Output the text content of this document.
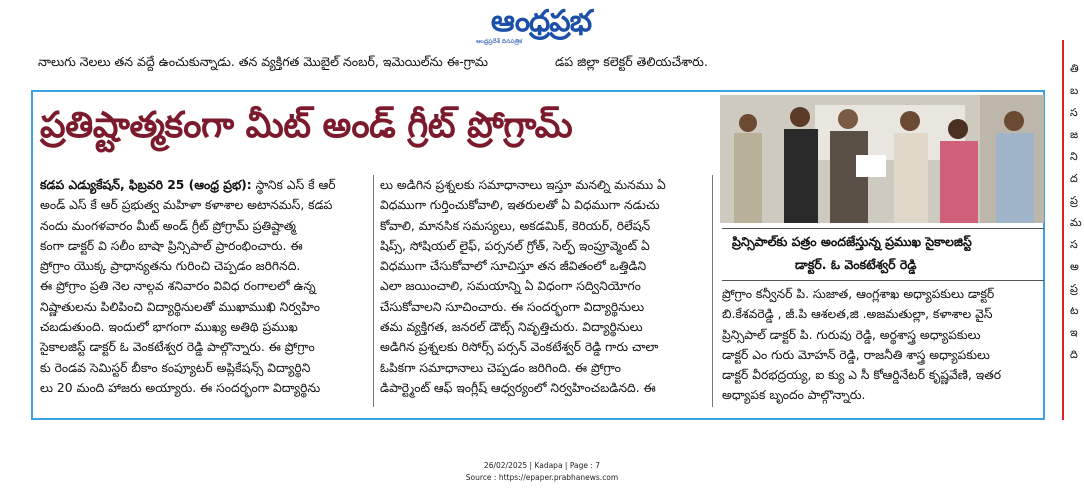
ఆంధ్రప్రభ
ఆంధ్రప్రదేశ్ దినపత్రిక
నాలుగు నెలలు తన వద్దే ఉంచుకున్నాడు. తన వ్యక్తిగత మొబైల్ నంబర్, ఇమెయిల్‌ను ఈ-గ్రామ	డప జిల్లా కలెక్టర్ తెలియచేశారు.
ప్రతిష్టాత్మకంగా మీట్ అండ్ గ్రీట్ ప్రోగ్రామ్

కడప ఎడ్యుకేషన్, ఫిబ్రవరి 25 (ఆంధ్ర ప్రభ): స్థానిక ఎస్ కే ఆర్

అండ్ ఎస్ కే ఆర్ ప్రభుత్వ మహిళా కళాశాల అటానమస్, కడప

నందు మంగళవారం మీట్ అండ్ గ్రీట్ ప్రోగ్రామ్ ప్రతిష్టాత్మ

కంగా డాక్టర్ వి సలీం బాషా ప్రిన్సిపాల్ ప్రారంభించారు. ఈ

ప్రోగ్రాం యొక్క ప్రాధాన్యతను గురించి చెప్పడం జరిగినది.

ఈ ప్రోగ్రాం ప్రతి నెల నాల్గవ శనివారం వివిధ రంగాలలో ఉన్న

నిష్ణాతులను పిలిపించి విద్యార్థినులతో ముఖాముఖి నిర్వహిం

చబడుతుంది. ఇందులో భాగంగా ముఖ్య అతిథి ప్రముఖ

సైకాలజిస్ట్ డాక్టర్ ఓ వెంకటేశ్వర రెడ్డి పాల్గొన్నారు. ఈ ప్రోగ్రాం

కు రెండవ సెమిస్టర్ బీకాం కంప్యూటర్ అప్లికేషన్స్ విద్యార్థిని

లు 20 మంది హాజరు అయ్యారు. ఈ సందర్భంగా విద్యార్థిను

లు అడిగిన ప్రశ్నలకు సమాధానాలు ఇస్తూ మనల్ని మనము ఏ

విధముగా గుర్తించుకోవాలి, ఇతరులతో ఏ విధముగా నడుచు

కోవాలి, మానసిక సమస్యలు, అకడమిక్, కెరియర్, రిలేషన్

షిప్స్, సోషియల్ లైఫ్, పర్సనల్ గ్రోత్, సెల్ఫ్ ఇంప్రూవ్మెంట్ ఏ

విధముగా చేసుకోవాలో సూచిస్తూ తన జీవితంలో ఒత్తిడిని

ఎలా జయించాలి, సమయాన్ని ఏ విధంగా సద్వినియోగం

చేసుకోవాలని సూచించారు. ఈ సందర్భంగా విద్యార్థినులు

తమ వ్యక్తిగత, జనరల్ డౌట్స్ నివృత్తిచురు. విద్యార్థినులు

అడిగిన ప్రశ్నలకు రిసోర్స్ పర్సన్ వెంకటేశ్వర్ రెడ్డి గారు చాలా

ఓపికగా సమాధానాలు చెప్పడం జరిగింది. ఈ ప్రోగ్రాం

డిపార్ట్మెంట్ ఆఫ్ ఇంగ్లీష్ ఆధ్వర్యంలో నిర్వహించబడినది. ఈ

ప్రిన్సిపాల్‌కు పత్రం అందజేస్తున్న ప్రముఖ సైకాలజిస్ట్
డాక్టర్. ఓ వెంకటేశ్వర్ రెడ్డి

ప్రోగ్రాం కన్వీనర్ పి. సుజాత, ఆంగ్లశాఖ అధ్యాపకులు డాక్టర్

బి.కేశవరెడ్డి , జీ.పి ఆశలత,జి .అజమతుల్లా, కళాశాల వైస్

ప్రిన్సిపాల్ డాక్టర్ పి. గురువు రెడ్డి, అర్థశాస్త్ర అధ్యాపకులు

డాక్టర్ ఎం గురు మోహన్ రెడ్డి, రాజనీతి శాస్త్ర అధ్యాపకులు

డాక్టర్ వీరభద్రయ్య, ఐ క్యు ఎ సీ కోఆర్డినేటర్ కృష్ణవేణి, ఇతర

అధ్యాపక బృందం పాల్గొన్నారు.

తి
బ
స
జ
ని
ద
ప్ర
మ
స
అ
ప్ర
ట
ఇ
ది
26/02/2025 | Kadapa | Page : 7
Source : https://epaper.prabhanews.com
